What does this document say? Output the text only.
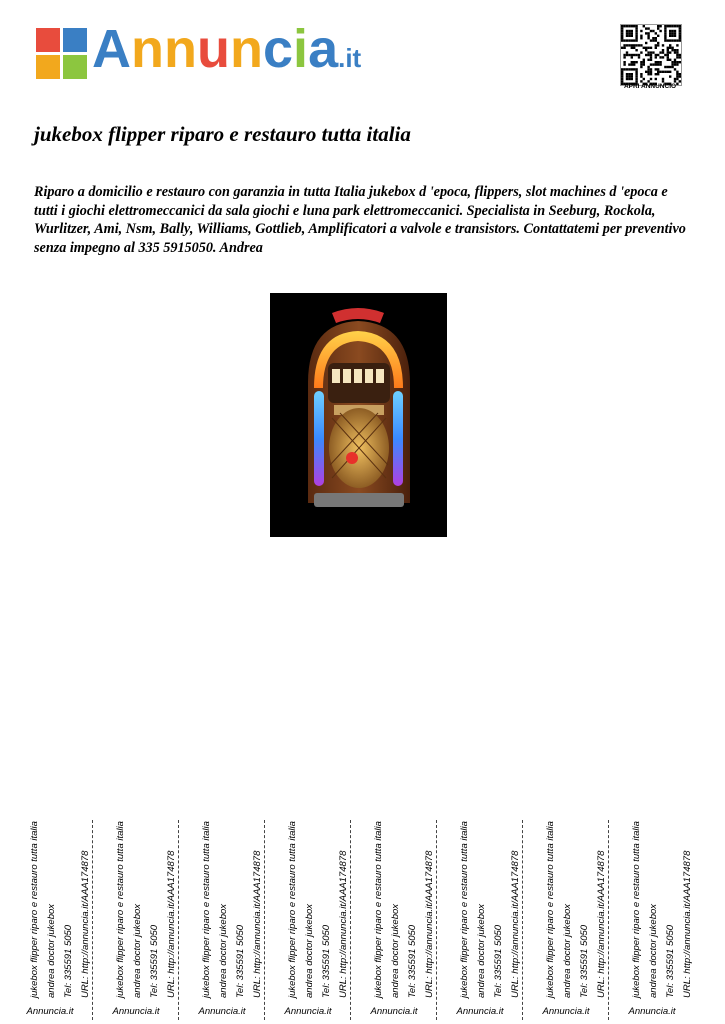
Annuncia.it
APRI ANNUNCIO
jukebox flipper riparo e restauro tutta italia

Riparo a domicilio e restauro con garanzia in tutta Italia jukebox d 'epoca, flippers, slot machines d 'epoca e tutti i giochi elettromeccanici da sala giochi e luna park elettromeccanici. Specialista in Seeburg, Rockola, Wurlitzer, Ami, Nsm, Bally, Williams, Gottlieb, Amplificatori a valvole e transistors. Contattatemi per preventivo senza impegno al 335 5915050. Andrea

jukebox flipper riparo e restauro tutta italia andrea doctor jukebox Tel: 335591 5050 URL: http://annuncia.it/AAA174878
Annuncia.it
jukebox flipper riparo e restauro tutta italia andrea doctor jukebox Tel: 335591 5050 URL: http://annuncia.it/AAA174878
Annuncia.it
jukebox flipper riparo e restauro tutta italia andrea doctor jukebox Tel: 335591 5050 URL: http://annuncia.it/AAA174878
Annuncia.it
jukebox flipper riparo e restauro tutta italia andrea doctor jukebox Tel: 335591 5050 URL: http://annuncia.it/AAA174878
Annuncia.it
jukebox flipper riparo e restauro tutta italia andrea doctor jukebox Tel: 335591 5050 URL: http://annuncia.it/AAA174878
Annuncia.it
jukebox flipper riparo e restauro tutta italia andrea doctor jukebox Tel: 335591 5050 URL: http://annuncia.it/AAA174878
Annuncia.it
jukebox flipper riparo e restauro tutta italia andrea doctor jukebox Tel: 335591 5050 URL: http://annuncia.it/AAA174878
Annuncia.it
jukebox flipper riparo e restauro tutta italia andrea doctor jukebox Tel: 335591 5050 URL: http://annuncia.it/AAA174878
Annuncia.it
